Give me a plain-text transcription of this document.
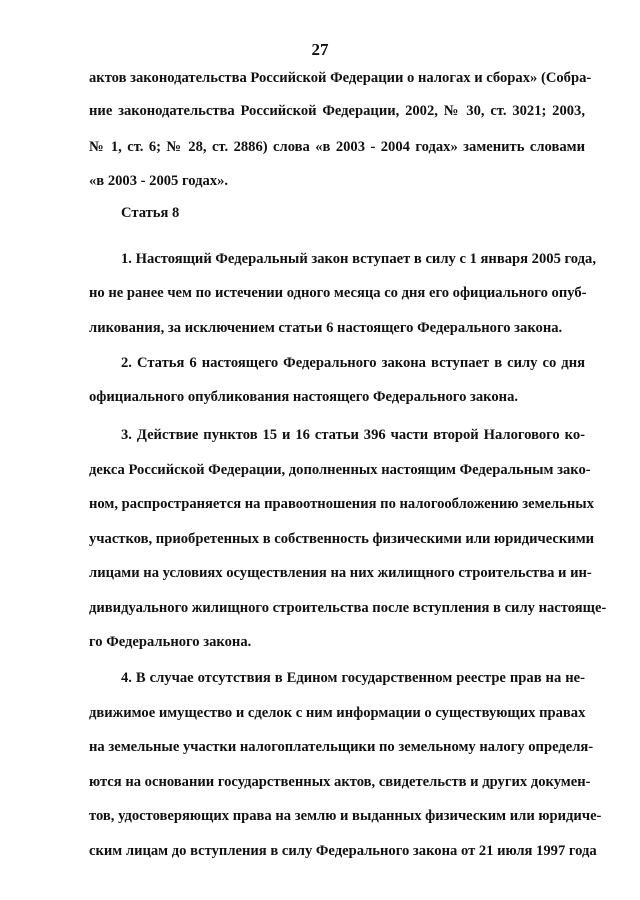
27
актов законодательства Российской Федерации о налогах и сборах» (Собра-
ние законодательства Российской Федерации, 2002, № 30, ст. 3021; 2003,
№ 1, ст. 6; № 28, ст. 2886) слова «в 2003 - 2004 годах» заменить словами
«в 2003 - 2005 годах».
Статья 8
1. Настоящий Федеральный закон вступает в силу с 1 января 2005 года,
но не ранее чем по истечении одного месяца со дня его официального опуб-
ликования, за исключением статьи 6 настоящего Федерального закона.
2. Статья 6 настоящего Федерального закона вступает в силу со дня
официального опубликования настоящего Федерального закона.
3. Действие пунктов 15 и 16 статьи 396 части второй Налогового ко-
декса Российской Федерации, дополненных настоящим Федеральным зако-
ном, распространяется на правоотношения по налогообложению земельных
участков, приобретенных в собственность физическими или юридическими
лицами на условиях осуществления на них жилищного строительства и ин-
дивидуального жилищного строительства после вступления в силу настояще-
го Федерального закона.
4. В случае отсутствия в Едином государственном реестре прав на не-
движимое имущество и сделок с ним информации о существующих правах
на земельные участки налогоплательщики по земельному налогу определя-
ются на основании государственных актов, свидетельств и других докумен-
тов, удостоверяющих права на землю и выданных физическим или юридиче-
ским лицам до вступления в силу Федерального закона от 21 июля 1997 года
